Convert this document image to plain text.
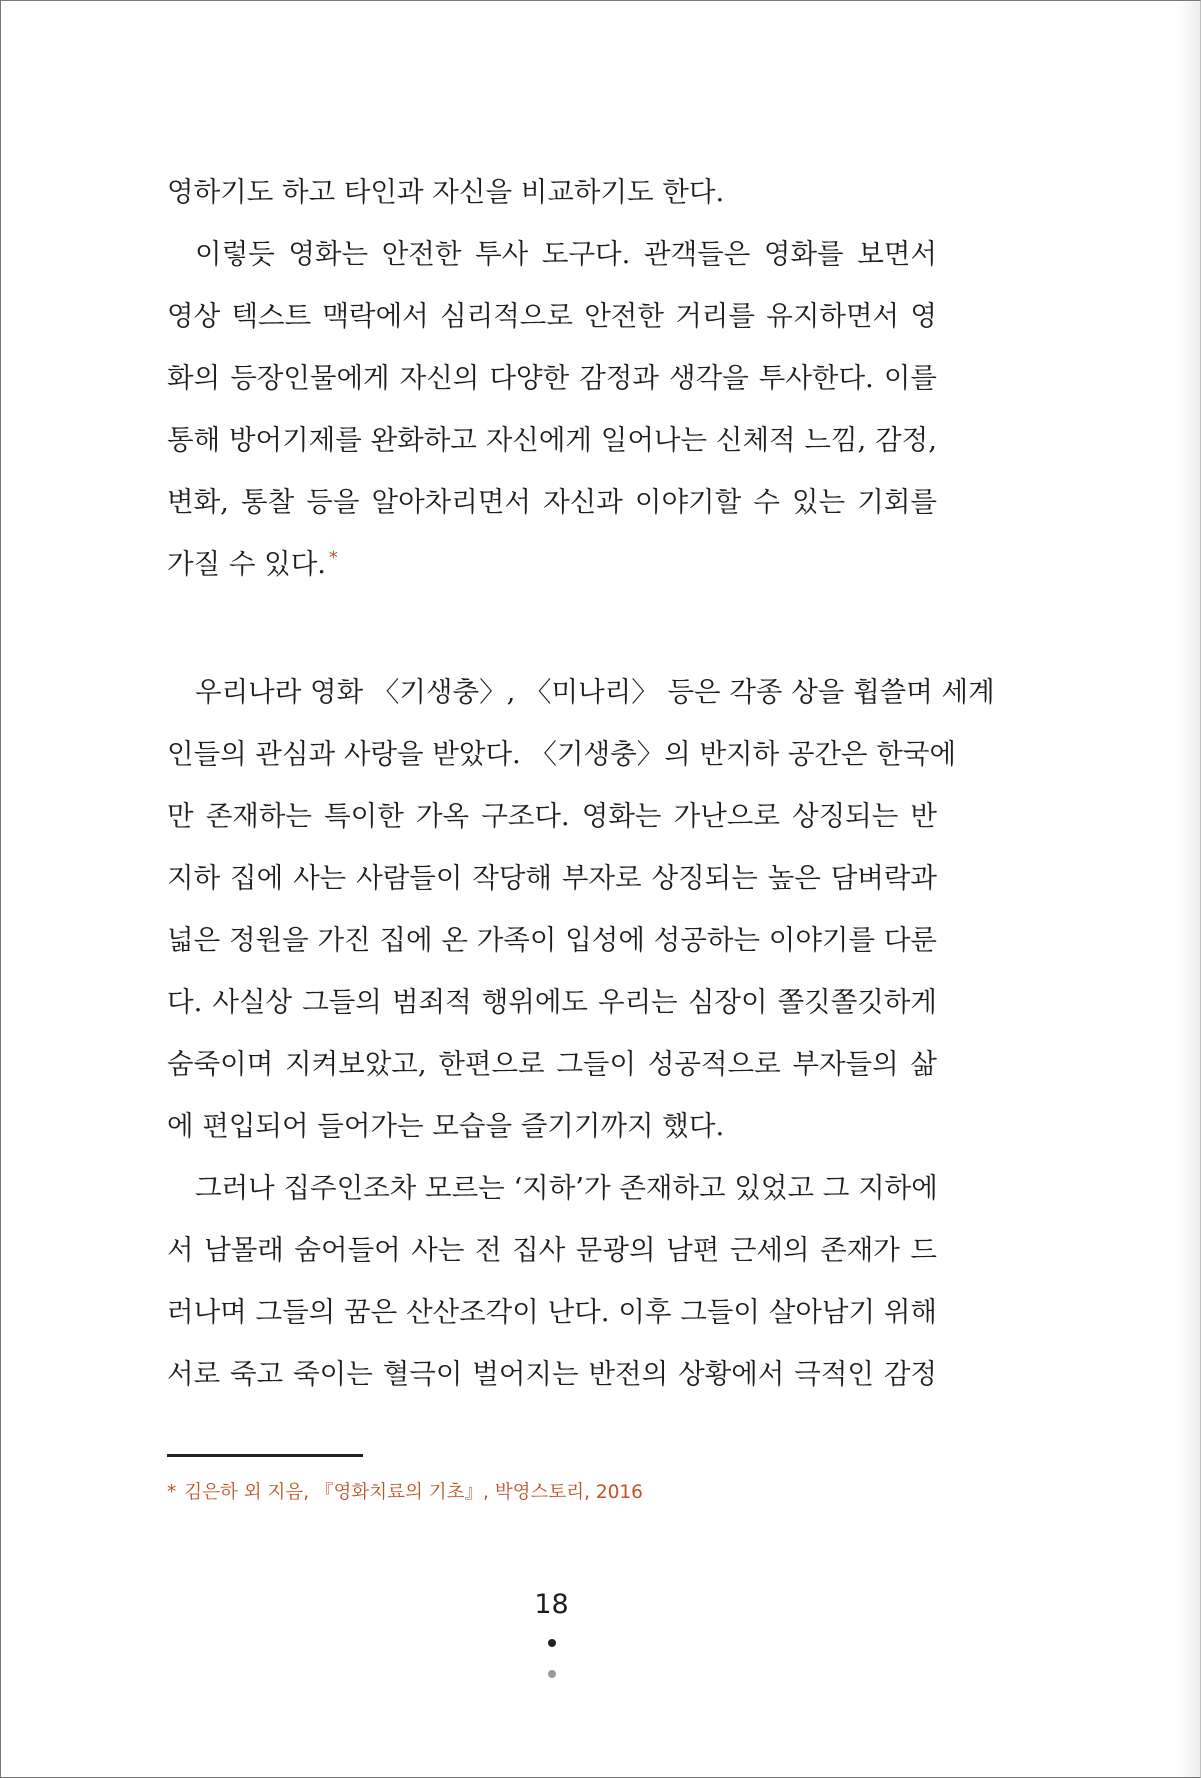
영하기도 하고 타인과 자신을 비교하기도 한다.
이렇듯 영화는 안전한 투사 도구다. 관객들은 영화를 보면서
영상 텍스트 맥락에서 심리적으로 안전한 거리를 유지하면서 영
화의 등장인물에게 자신의 다양한 감정과 생각을 투사한다. 이를
통해 방어기제를 완화하고 자신에게 일어나는 신체적 느낌, 감정,
변화, 통찰 등을 알아차리면서 자신과 이야기할 수 있는 기회를
가질 수 있다. *
우리나라 영화 〈기생충〉, 〈미나리〉 등은 각종 상을 휩쓸며 세계
인들의 관심과 사랑을 받았다. 〈기생충〉의 반지하 공간은 한국에
만 존재하는 특이한 가옥 구조다. 영화는 가난으로 상징되는 반
지하 집에 사는 사람들이 작당해 부자로 상징되는 높은 담벼락과
넓은 정원을 가진 집에 온 가족이 입성에 성공하는 이야기를 다룬
다. 사실상 그들의 범죄적 행위에도 우리는 심장이 쫄깃쫄깃하게
숨죽이며 지켜보았고, 한편으로 그들이 성공적으로 부자들의 삶
에 편입되어 들어가는 모습을 즐기기까지 했다.
그러나 집주인조차 모르는 ‘지하’가 존재하고 있었고 그 지하에
서 남몰래 숨어들어 사는 전 집사 문광의 남편 근세의 존재가 드
러나며 그들의 꿈은 산산조각이 난다. 이후 그들이 살아남기 위해
서로 죽고 죽이는 혈극이 벌어지는 반전의 상황에서 극적인 감정
* 김은하 외 지음, 『영화치료의 기초』, 박영스토리, 2016
18
